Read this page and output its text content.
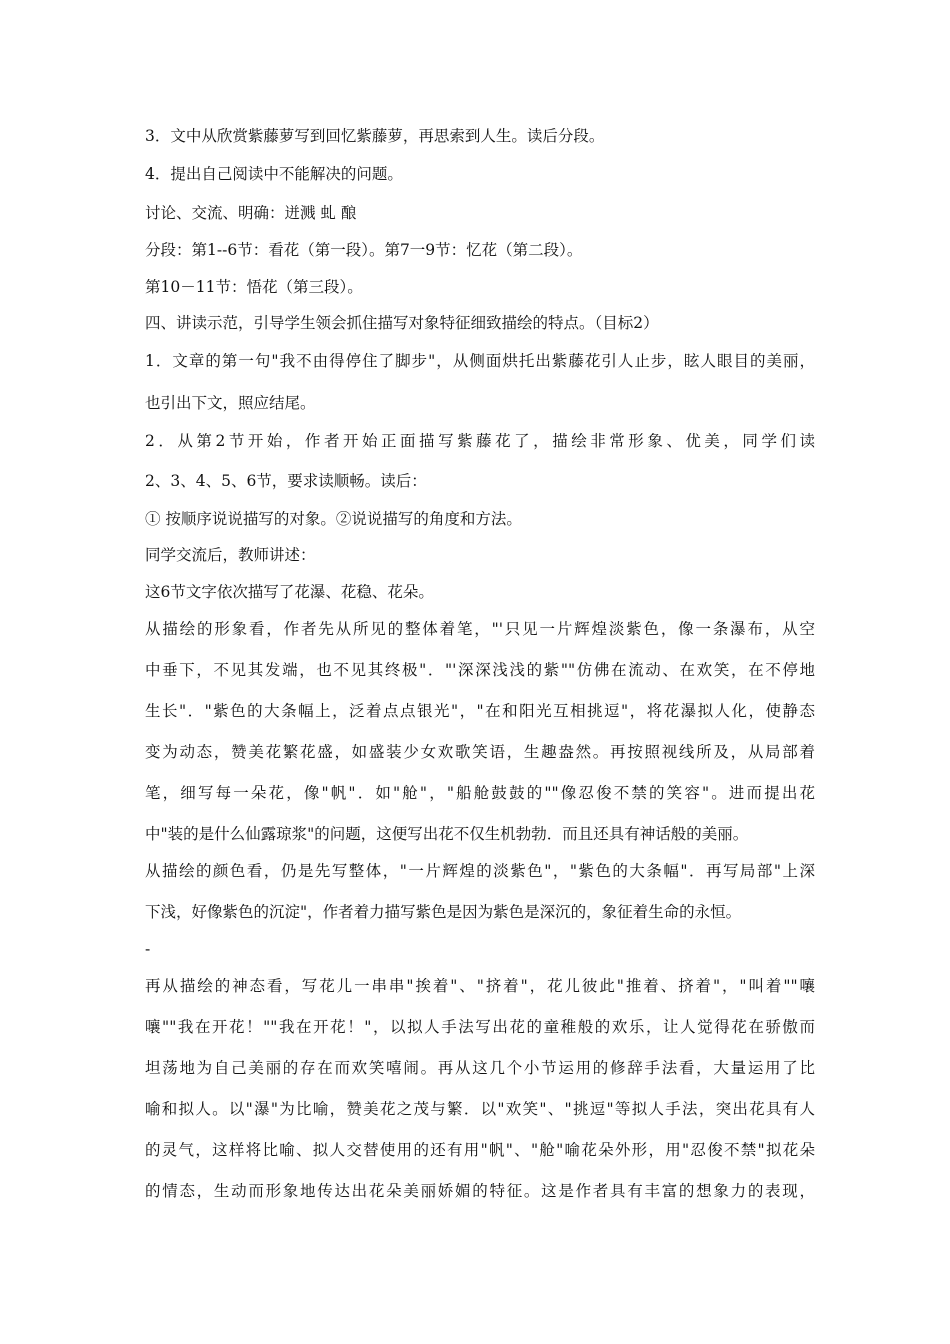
3．文中从欣赏紫藤萝写到回忆紫藤萝，再思索到人生。读后分段。
4．提出自己阅读中不能解决的问题。
讨论、交流、明确：迸溅 虬 酿
分段：第1--6节：看花（第一段）。第7一9节：忆花（第二段）。
第10－11节：悟花（第三段）。
四、讲读示范，引导学生领会抓住描写对象特征细致描绘的特点。（目标2）
1．文章的第一句"我不由得停住了脚步"，从侧面烘托出紫藤花引人止步，眩人眼目的美丽，
也引出下文，照应结尾。
2．从第2节开始，作者开始正面描写紫藤花了，描绘非常形象、优美，同学们读
2、3、4、5、6节，要求读顺畅。读后：
① 按顺序说说描写的对象。②说说描写的角度和方法。
同学交流后，教师讲述：
这6节文字依次描写了花瀑、花稳、花朵。
从描绘的形象看，作者先从所见的整体着笔，"'只见一片辉煌淡紫色，像一条瀑布，从空
中垂下，不见其发端，也不见其终极"．"'深深浅浅的紫""仿佛在流动、在欢笑，在不停地
生长"．"紫色的大条幅上，泛着点点银光"，"在和阳光互相挑逗"，将花瀑拟人化，使静态
变为动态，赞美花繁花盛，如盛装少女欢歌笑语，生趣盎然。再按照视线所及，从局部着
笔，细写每一朵花，像"帆"．如"舱"，"船舱鼓鼓的""像忍俊不禁的笑容"。进而提出花
中"装的是什么仙露琼浆"的问题，这便写出花不仅生机勃勃．而且还具有神话般的美丽。
从描绘的颜色看，仍是先写整体，"一片辉煌的淡紫色"，"紫色的大条幅"．再写局部"上深
下浅，好像紫色的沉淀"，作者着力描写紫色是因为紫色是深沉的，象征着生命的永恒。
-
再从描绘的神态看，写花儿一串串"挨着"、"挤着"，花儿彼此"推着、挤着"，"叫着""嚷
嚷""我在开花！""我在开花！"，以拟人手法写出花的童稚般的欢乐，让人觉得花在骄傲而
坦荡地为自己美丽的存在而欢笑嘻闹。再从这几个小节运用的修辞手法看，大量运用了比
喻和拟人。以"瀑"为比喻，赞美花之茂与繁．以"欢笑"、"挑逗"等拟人手法，突出花具有人
的灵气，这样将比喻、拟人交替使用的还有用"帆"、"舱"喻花朵外形，用"忍俊不禁"拟花朵
的情态，生动而形象地传达出花朵美丽娇媚的特征。这是作者具有丰富的想象力的表现，
